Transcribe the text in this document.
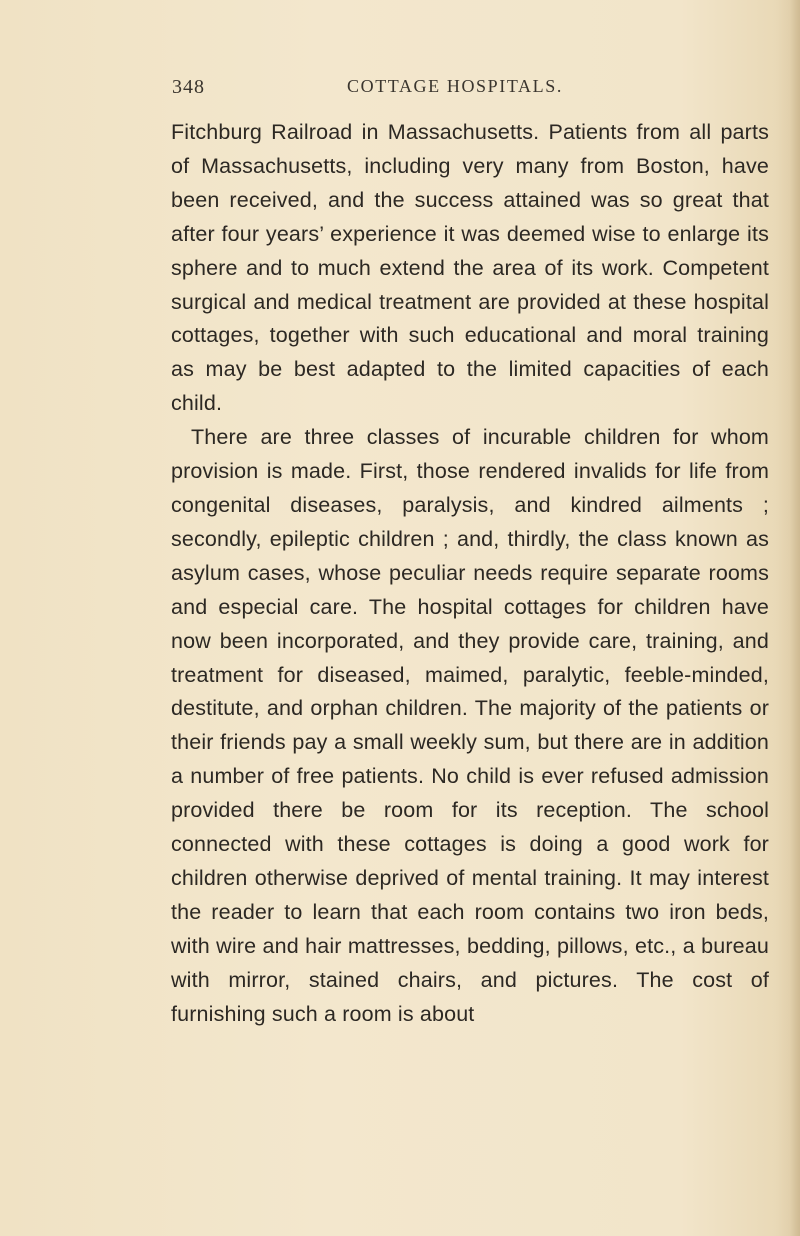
348	COTTAGE HOSPITALS.

Fitchburg Railroad in Massachusetts. Patients from all parts of Massachusetts, including very many from Boston, have been received, and the success attained was so great that after four years’ experience it was deemed wise to enlarge its sphere and to much extend the area of its work. Competent surgical and medical treatment are provided at these hospital cottages, together with such educational and moral training as may be best adapted to the limited capacities of each child.

There are three classes of incurable children for whom provision is made. First, those rendered invalids for life from congenital diseases, paralysis, and kindred ailments ; secondly, epileptic children ; and, thirdly, the class known as asylum cases, whose peculiar needs require separate rooms and especial care. The hospital cottages for children have now been incorporated, and they provide care, training, and treatment for diseased, maimed, paralytic, feeble-minded, destitute, and orphan children. The majority of the patients or their friends pay a small weekly sum, but there are in addition a number of free patients. No child is ever refused admission provided there be room for its reception. The school connected with these cottages is doing a good work for children otherwise deprived of mental training. It may interest the reader to learn that each room contains two iron beds, with wire and hair mattresses, bedding, pillows, etc., a bureau with mirror, stained chairs, and pictures. The cost of furnishing such a room is about
